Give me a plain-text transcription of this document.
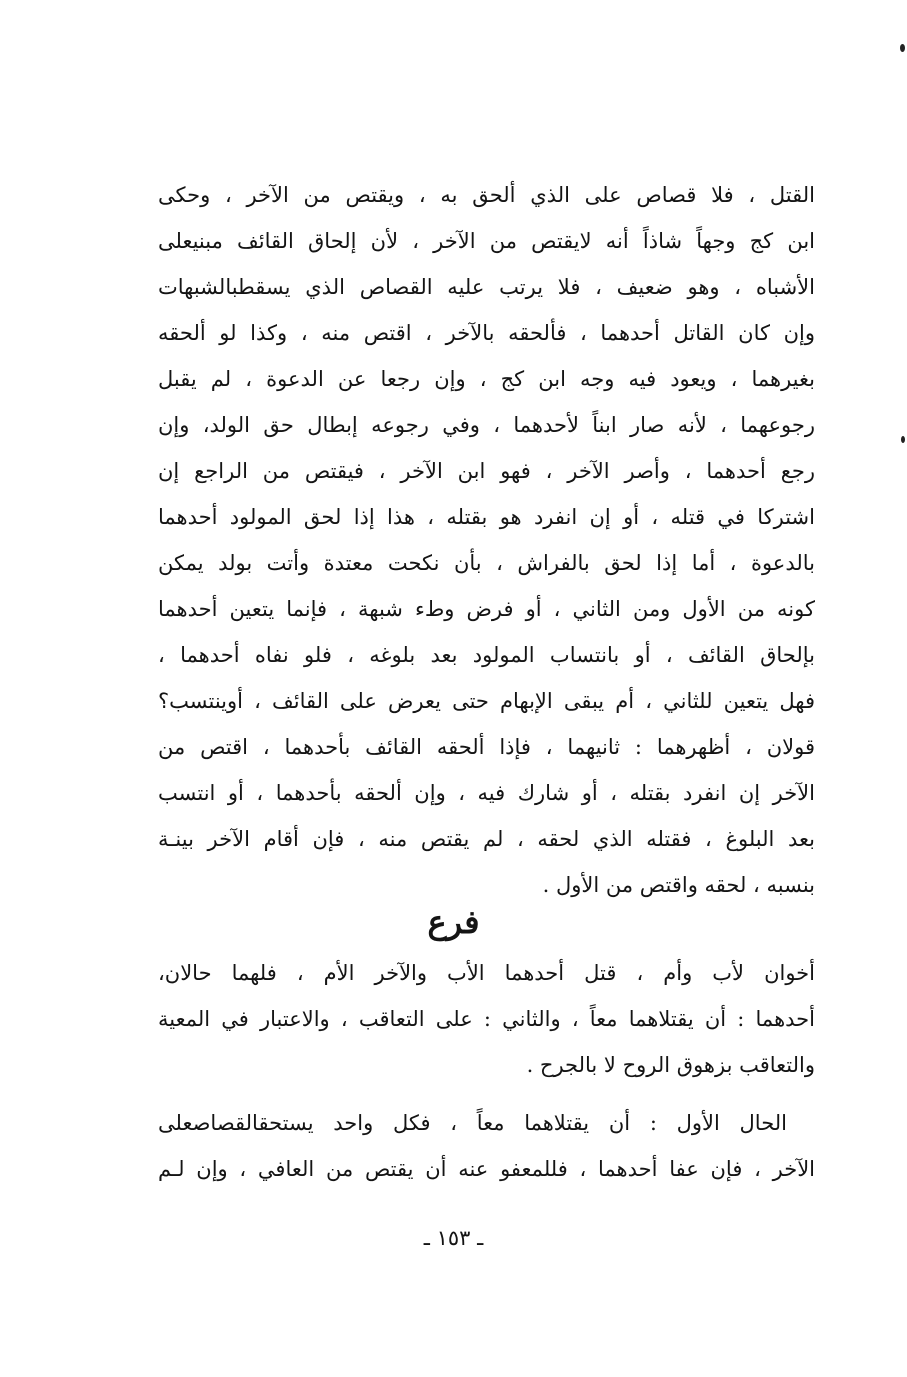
القتل ، فلا قصاص على الذي ألحق به ، ويقتص من الآخر ، وحكى
ابن كج وجهاً شاذاً أنه لايقتص من الآخر ، لأن إلحاق القائف مبنيعلى
الأشباه ، وهو ضعيف ، فلا يرتب عليه القصاص الذي يسقطبالشبهات
وإن كان القاتل أحدهما ، فألحقه بالآخر ، اقتص منه ، وكذا لو ألحقه
بغيرهما ، ويعود فيه وجه ابن كج ، وإن رجعا عن الدعوة ، لم يقبل
رجوعهما ، لأنه صار ابناً لأحدهما ، وفي رجوعه إبطال حق الولد، وإن
رجع أحدهما ، وأصر الآخر ، فهو ابن الآخر ، فيقتص من الراجع إن
اشتركا في قتله ، أو إن انفرد هو بقتله ، هذا إذا لحق المولود أحدهما
بالدعوة ، أما إذا لحق بالفراش ، بأن نكحت معتدة وأتت بولد يمكن
كونه من الأول ومن الثاني ، أو فرض وطء شبهة ، فإنما يتعين أحدهما
بإلحاق القائف ، أو بانتساب المولود بعد بلوغه ، فلو نفاه أحدهما ،
فهل يتعين للثاني ، أم يبقى الإبهام حتى يعرض على القائف ، أوينتسب؟
قولان ، أظهرهما : ثانيهما ، فإذا ألحقه القائف بأحدهما ، اقتص من
الآخر إن انفرد بقتله ، أو شارك فيه ، وإن ألحقه بأحدهما ، أو انتسب
بعد البلوغ ، فقتله الذي لحقه ، لم يقتص منه ، فإن أقام الآخر بينـة
بنسبه ، لحقه واقتص من الأول .
فرع
أخوان لأب وأم ، قتل أحدهما الأب والآخر الأم ، فلهما حالان،
أحدهما : أن يقتلاهما معاً ، والثاني : على التعاقب ، والاعتبار في المعية
والتعاقب بزهوق الروح لا بالجرح .
الحال الأول : أن يقتلاهما معاً ، فكل واحد يستحقالقصاصعلى
الآخر ، فإن عفا أحدهما ، فللمعفو عنه أن يقتص من العافي ، وإن لـم
ـ ١٥٣ ـ
